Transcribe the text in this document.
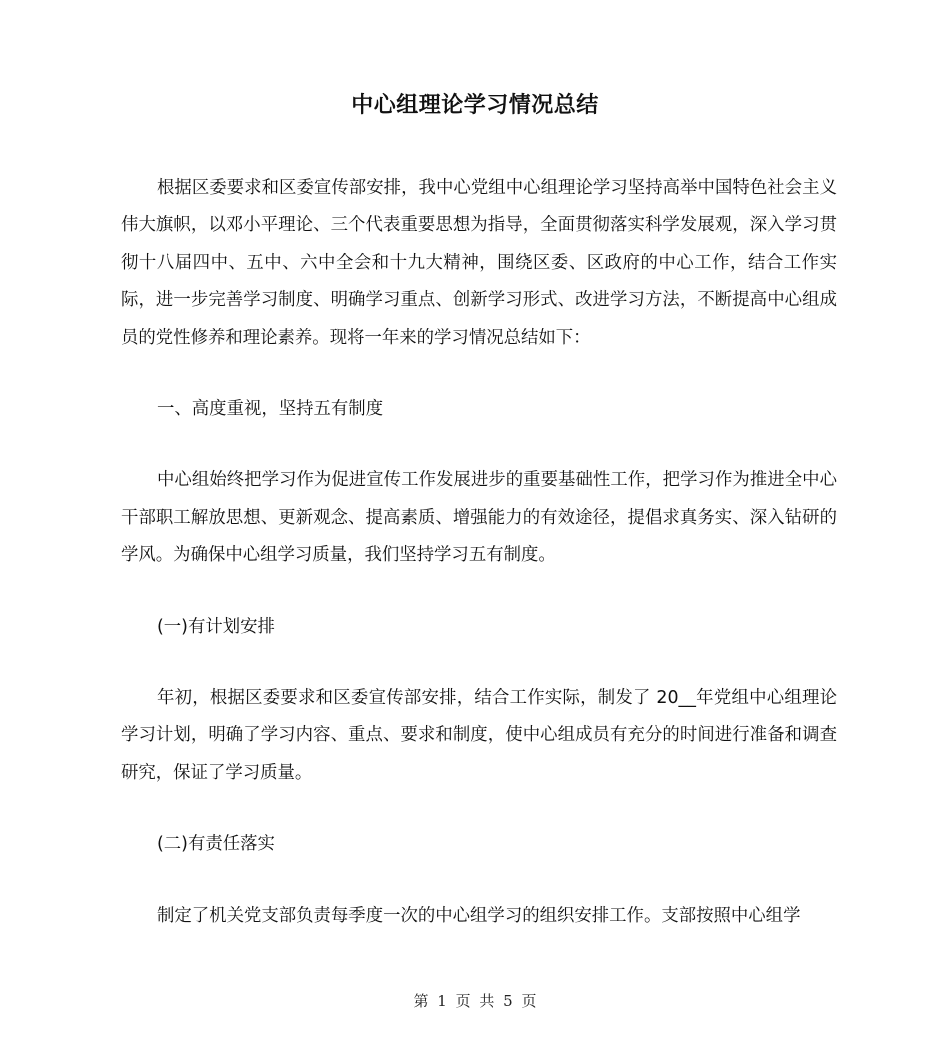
中心组理论学习情况总结

根据区委要求和区委宣传部安排，我中心党组中心组理论学习坚持高举中国特色社会主义伟大旗帜，以邓小平理论、三个代表重要思想为指导，全面贯彻落实科学发展观，深入学习贯彻十八届四中、五中、六中全会和十九大精神，围绕区委、区政府的中心工作，结合工作实际，进一步完善学习制度、明确学习重点、创新学习形式、改进学习方法，不断提高中心组成员的党性修养和理论素养。现将一年来的学习情况总结如下：

一、高度重视，坚持五有制度

中心组始终把学习作为促进宣传工作发展进步的重要基础性工作，把学习作为推进全中心干部职工解放思想、更新观念、提高素质、增强能力的有效途径，提倡求真务实、深入钻研的学风。为确保中心组学习质量，我们坚持学习五有制度。

(一)有计划安排

年初，根据区委要求和区委宣传部安排，结合工作实际，制发了 20__年党组中心组理论学习计划，明确了学习内容、重点、要求和制度，使中心组成员有充分的时间进行准备和调查研究，保证了学习质量。

(二)有责任落实

制定了机关党支部负责每季度一次的中心组学习的组织安排工作。支部按照中心组学

第 1 页 共 5 页
